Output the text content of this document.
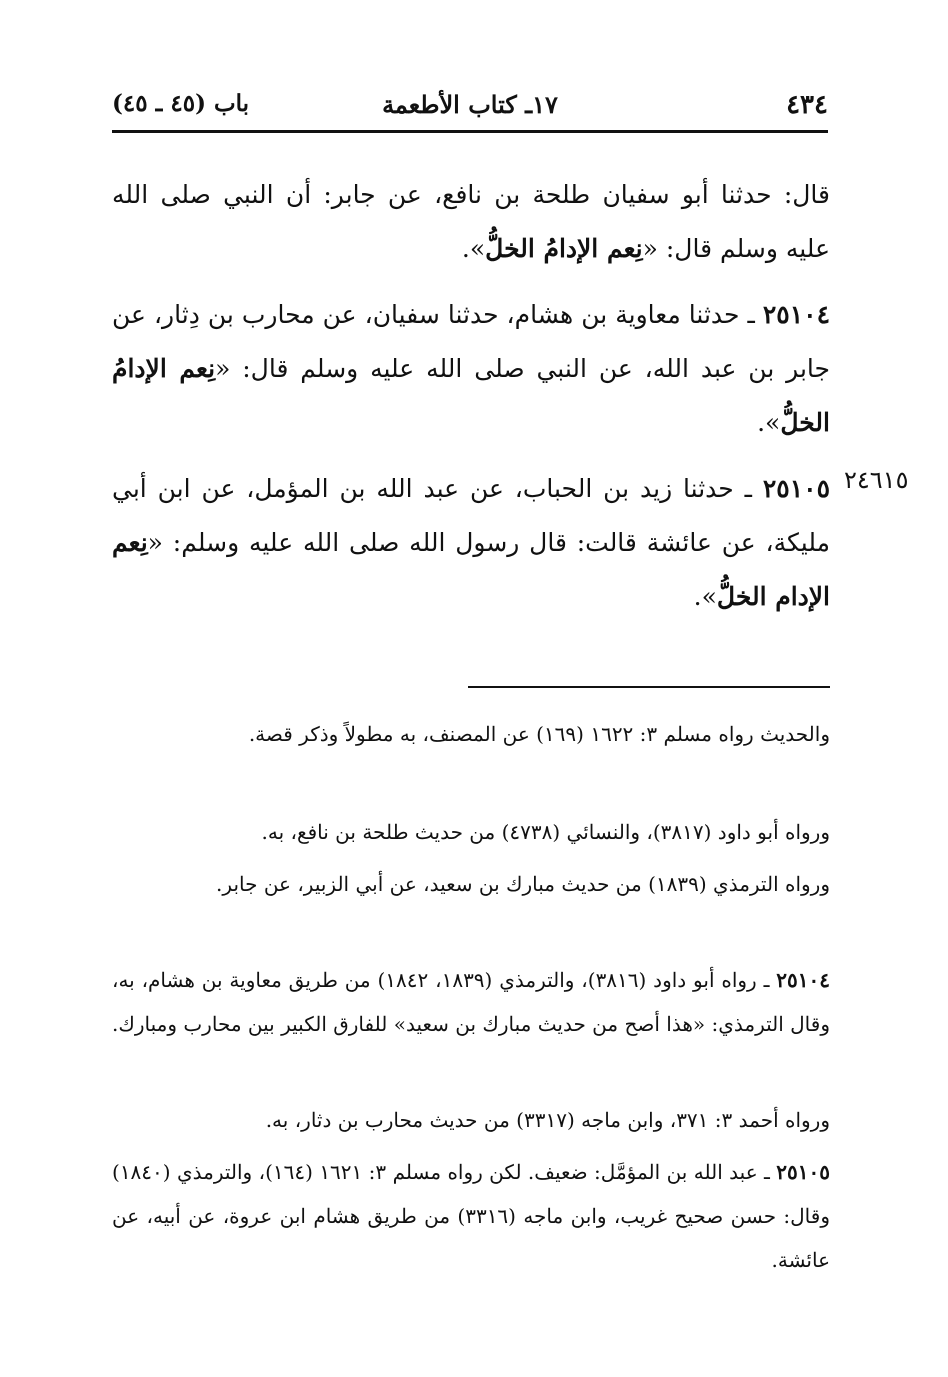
٤٣٤
١٧ـ كتاب الأطعمة
باب (٤٥ ـ ٤٥)

قال: حدثنا أبو سفيان طلحة بن نافع، عن جابر: أن النبي صلى الله عليه وسلم قال: «نِعم الإدامُ الخلُّ».

٢٥١٠٤ ـ حدثنا معاوية بن هشام، حدثنا سفيان، عن محارب بن دِثار، عن جابر بن عبد الله، عن النبي صلى الله عليه وسلم قال: «نِعم الإدامُ الخلُّ».

٢٤٦١٥

٢٥١٠٥ ـ حدثنا زيد بن الحباب، عن عبد الله بن المؤمل، عن ابن أبي مليكة، عن عائشة قالت: قال رسول الله صلى الله عليه وسلم: «نِعم الإدام الخلُّ».

والحديث رواه مسلم ٣: ١٦٢٢ (١٦٩) عن المصنف، به مطولاً وذكر قصة.

ورواه أبو داود (٣٨١٧)، والنسائي (٤٧٣٨) من حديث طلحة بن نافع، به.

ورواه الترمذي (١٨٣٩) من حديث مبارك بن سعيد، عن أبي الزبير، عن جابر.

٢٥١٠٤ ـ رواه أبو داود (٣٨١٦)، والترمذي (١٨٣٩، ١٨٤٢) من طريق معاوية بن هشام، به، وقال الترمذي: «هذا أصح من حديث مبارك بن سعيد» للفارق الكبير بين محارب ومبارك.

ورواه أحمد ٣: ٣٧١، وابن ماجه (٣٣١٧) من حديث محارب بن دثار، به.

٢٥١٠٥ ـ عبد الله بن المؤمَّل: ضعيف. لكن رواه مسلم ٣: ١٦٢١ (١٦٤)، والترمذي (١٨٤٠) وقال: حسن صحيح غريب، وابن ماجه (٣٣١٦) من طريق هشام ابن عروة، عن أبيه، عن عائشة.
